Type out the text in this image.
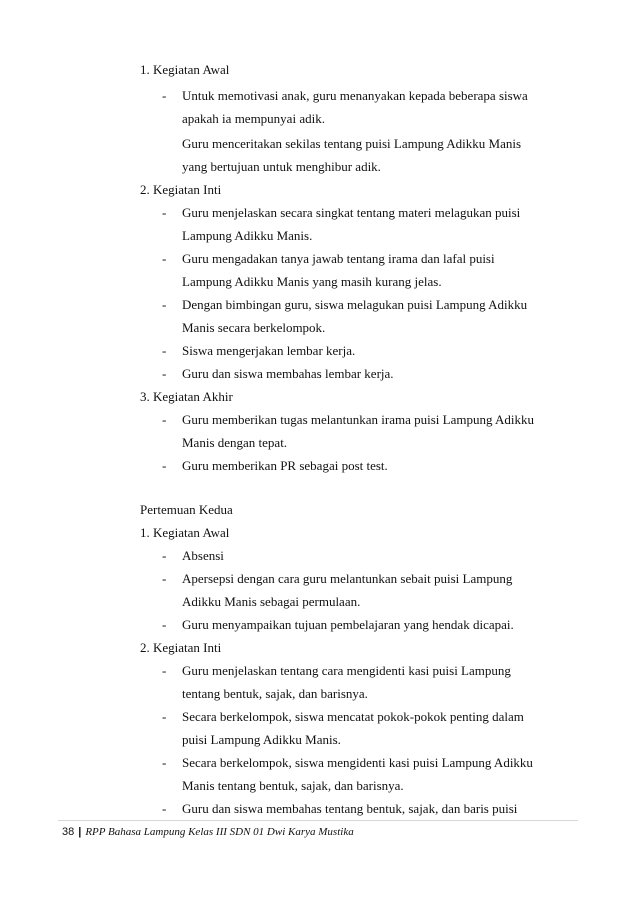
1. Kegiatan Awal
- Untuk memotivasi anak, guru menanyakan kepada beberapa siswa
apakah ia mempunyai adik.
Guru menceritakan sekilas tentang puisi Lampung Adikku Manis
yang bertujuan untuk menghibur adik.
2. Kegiatan Inti
- Guru menjelaskan secara singkat tentang materi melagukan puisi
Lampung Adikku Manis.
- Guru mengadakan tanya jawab tentang irama dan lafal puisi
Lampung Adikku Manis yang masih kurang jelas.
- Dengan bimbingan guru, siswa melagukan puisi Lampung Adikku
Manis secara berkelompok.
- Siswa mengerjakan lembar kerja.
- Guru dan siswa membahas lembar kerja.
3. Kegiatan Akhir
- Guru memberikan tugas melantunkan irama puisi Lampung Adikku
Manis dengan tepat.
- Guru memberikan PR sebagai post test.
Pertemuan Kedua
1. Kegiatan Awal
- Absensi
- Apersepsi dengan cara guru melantunkan sebait puisi Lampung
Adikku Manis sebagai permulaan.
- Guru menyampaikan tujuan pembelajaran yang hendak dicapai.
2. Kegiatan Inti
- Guru menjelaskan tentang cara mengidenti kasi puisi Lampung
tentang bentuk, sajak, dan barisnya.
- Secara berkelompok, siswa mencatat pokok-pokok penting dalam
puisi Lampung Adikku Manis.
- Secara berkelompok, siswa mengidenti kasi puisi Lampung Adikku
Manis tentang bentuk, sajak, dan barisnya.
- Guru dan siswa membahas tentang bentuk, sajak, dan baris puisi
38 | RPP Bahasa Lampung Kelas III SDN 01 Dwi Karya Mustika
